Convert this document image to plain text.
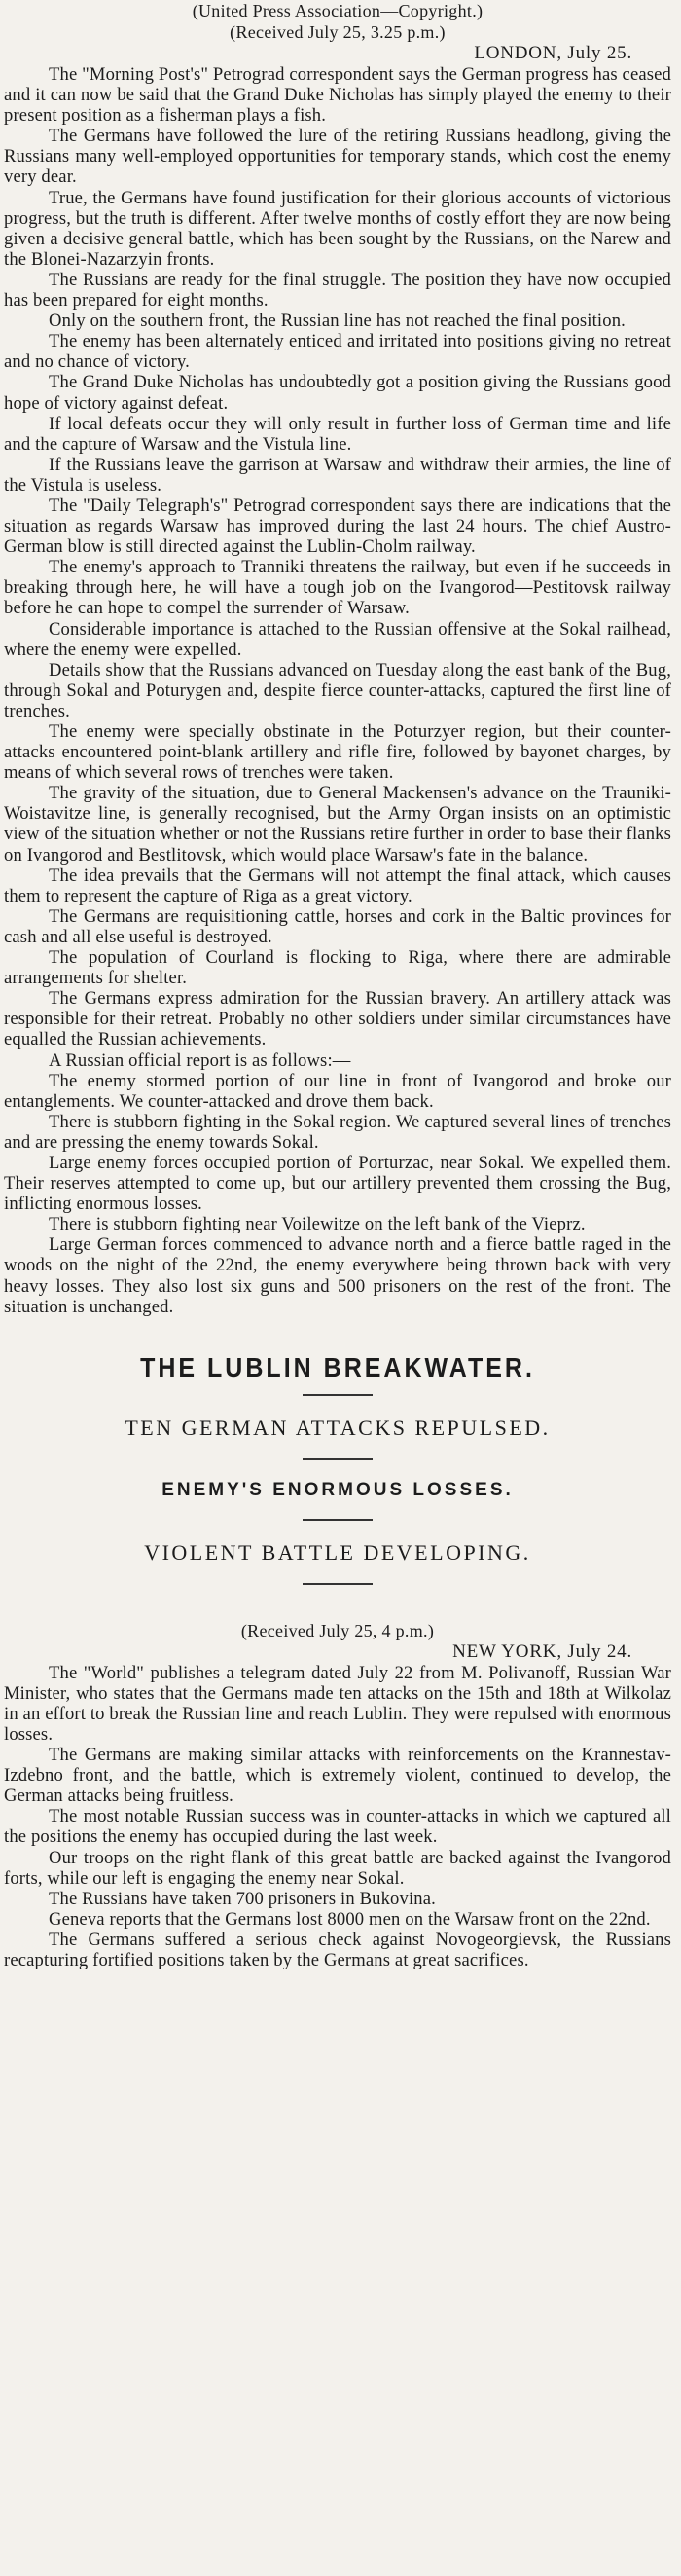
(United Press Association—Copyright.)
(Received July 25, 3.25 p.m.)
LONDON, July 25.

The "Morning Post's" Petrograd correspondent says the German progress has ceased and it can now be said that the Grand Duke Nicholas has simply played the enemy to their present position as a fisherman plays a fish.

The Germans have followed the lure of the retiring Russians headlong, giving the Russians many well-employed opportunities for temporary stands, which cost the enemy very dear.

True, the Germans have found justification for their glorious accounts of victorious progress, but the truth is different. After twelve months of costly effort they are now being given a decisive general battle, which has been sought by the Russians, on the Narew and the Blonei-Nazarzyin fronts.

The Russians are ready for the final struggle. The position they have now occupied has been prepared for eight months.

Only on the southern front, the Russian line has not reached the final position.

The enemy has been alternately enticed and irritated into positions giving no retreat and no chance of victory.

The Grand Duke Nicholas has undoubtedly got a position giving the Russians good hope of victory against defeat.

If local defeats occur they will only result in further loss of German time and life and the capture of Warsaw and the Vistula line.

If the Russians leave the garrison at Warsaw and withdraw their armies, the line of the Vistula is useless.

The "Daily Telegraph's" Petrograd correspondent says there are indications that the situation as regards Warsaw has improved during the last 24 hours. The chief Austro-German blow is still directed against the Lublin-Cholm railway.

The enemy's approach to Tranniki threatens the railway, but even if he succeeds in breaking through here, he will have a tough job on the Ivangorod—Pestitovsk railway before he can hope to compel the surrender of Warsaw.

Considerable importance is attached to the Russian offensive at the Sokal railhead, where the enemy were expelled.

Details show that the Russians advanced on Tuesday along the east bank of the Bug, through Sokal and Poturygen and, despite fierce counter-attacks, captured the first line of trenches.

The enemy were specially obstinate in the Poturzyer region, but their counter-attacks encountered point-blank artillery and rifle fire, followed by bayonet charges, by means of which several rows of trenches were taken.

The gravity of the situation, due to General Mackensen's advance on the Trauniki-Woistavitze line, is generally recognised, but the Army Organ insists on an optimistic view of the situation whether or not the Russians retire further in order to base their flanks on Ivangorod and Bestlitovsk, which would place Warsaw's fate in the balance.

The idea prevails that the Germans will not attempt the final attack, which causes them to represent the capture of Riga as a great victory.

The Germans are requisitioning cattle, horses and cork in the Baltic provinces for cash and all else useful is destroyed.

The population of Courland is flocking to Riga, where there are admirable arrangements for shelter.

The Germans express admiration for the Russian bravery. An artillery attack was responsible for their retreat. Probably no other soldiers under similar circumstances have equalled the Russian achievements.

A Russian official report is as follows:—

The enemy stormed portion of our line in front of Ivangorod and broke our entanglements. We counter-attacked and drove them back.

There is stubborn fighting in the Sokal region. We captured several lines of trenches and are pressing the enemy towards Sokal.

Large enemy forces occupied portion of Porturzac, near Sokal. We expelled them. Their reserves attempted to come up, but our artillery prevented them crossing the Bug, inflicting enormous losses.

There is stubborn fighting near Voilewitze on the left bank of the Vieprz.

Large German forces commenced to advance north and a fierce battle raged in the woods on the night of the 22nd, the enemy everywhere being thrown back with very heavy losses. They also lost six guns and 500 prisoners on the rest of the front. The situation is unchanged.

THE LUBLIN BREAKWATER.
TEN GERMAN ATTACKS REPULSED.
ENEMY'S ENORMOUS LOSSES.
VIOLENT BATTLE DEVELOPING.
(Received July 25, 4 p.m.)
NEW YORK, July 24.

The "World" publishes a telegram dated July 22 from M. Polivanoff, Russian War Minister, who states that the Germans made ten attacks on the 15th and 18th at Wilkolaz in an effort to break the Russian line and reach Lublin. They were repulsed with enormous losses.

The Germans are making similar attacks with reinforcements on the Krannestav-Izdebno front, and the battle, which is extremely violent, continued to develop, the German attacks being fruitless.

The most notable Russian success was in counter-attacks in which we captured all the positions the enemy has occupied during the last week.

Our troops on the right flank of this great battle are backed against the Ivangorod forts, while our left is engaging the enemy near Sokal.

The Russians have taken 700 prisoners in Bukovina.

Geneva reports that the Germans lost 8000 men on the Warsaw front on the 22nd.

The Germans suffered a serious check against Novogeorgievsk, the Russians recapturing fortified positions taken by the Germans at great sacrifices.
